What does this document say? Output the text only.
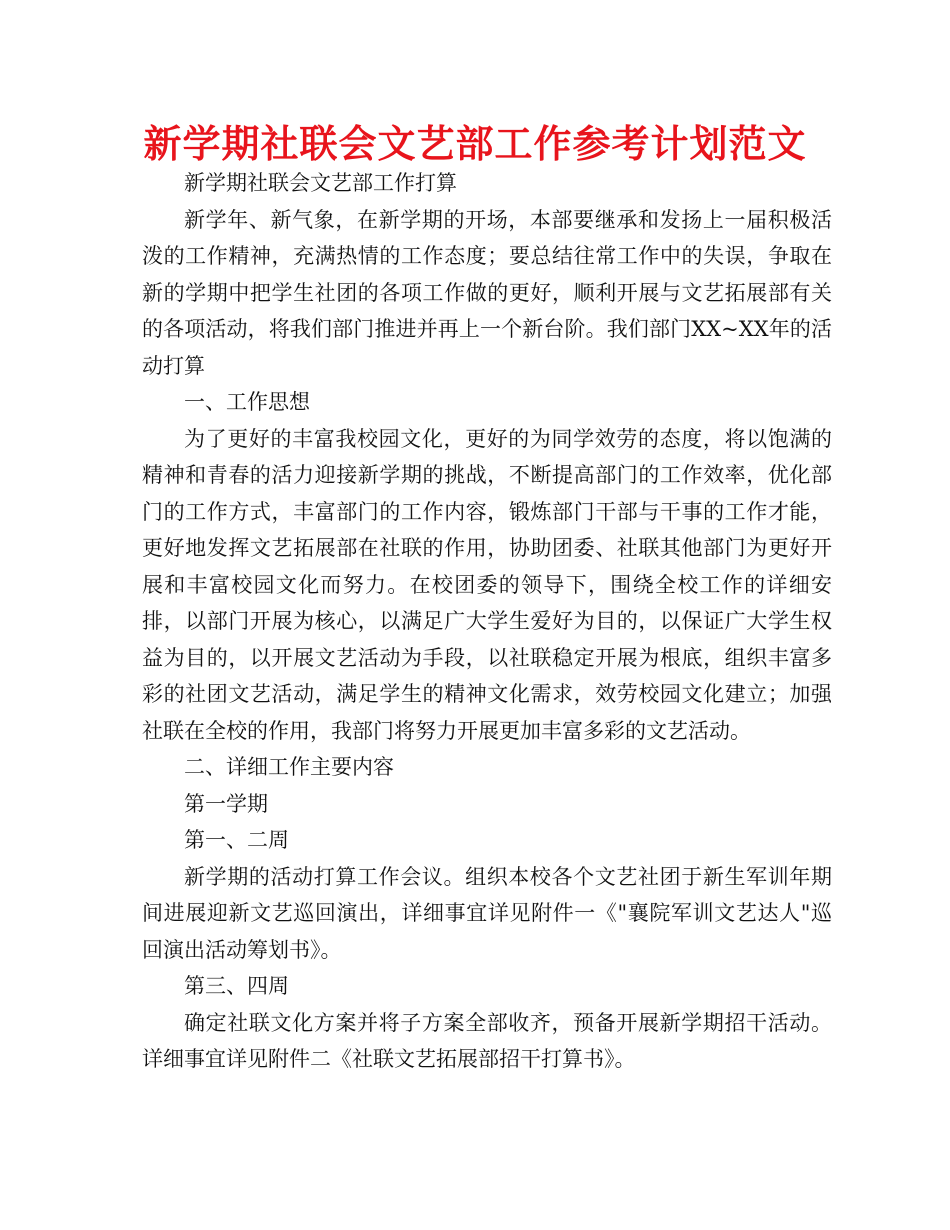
新学期社联会文艺部工作参考计划范文

新学期社联会文艺部工作打算

新学年、新气象，在新学期的开场，本部要继承和发扬上一届积极活泼的工作精神，充满热情的工作态度；要总结往常工作中的失误，争取在新的学期中把学生社团的各项工作做的更好，顺利开展与文艺拓展部有关的各项活动，将我们部门推进并再上一个新台阶。我们部门XX~XX年的活动打算

一、工作思想

为了更好的丰富我校园文化，更好的为同学效劳的态度，将以饱满的精神和青春的活力迎接新学期的挑战，不断提高部门的工作效率，优化部门的工作方式，丰富部门的工作内容，锻炼部门干部与干事的工作才能，更好地发挥文艺拓展部在社联的作用，协助团委、社联其他部门为更好开展和丰富校园文化而努力。在校团委的领导下，围绕全校工作的详细安排，以部门开展为核心，以满足广大学生爱好为目的，以保证广大学生权益为目的，以开展文艺活动为手段，以社联稳定开展为根底，组织丰富多彩的社团文艺活动，满足学生的精神文化需求，效劳校园文化建立；加强社联在全校的作用，我部门将努力开展更加丰富多彩的文艺活动。

二、详细工作主要内容

第一学期

第一、二周

新学期的活动打算工作会议。组织本校各个文艺社团于新生军训年期间进展迎新文艺巡回演出，详细事宜详见附件一《"襄院军训文艺达人"巡回演出活动筹划书》。

第三、四周

确定社联文化方案并将子方案全部收齐，预备开展新学期招干活动。详细事宜详见附件二《社联文艺拓展部招干打算书》。
